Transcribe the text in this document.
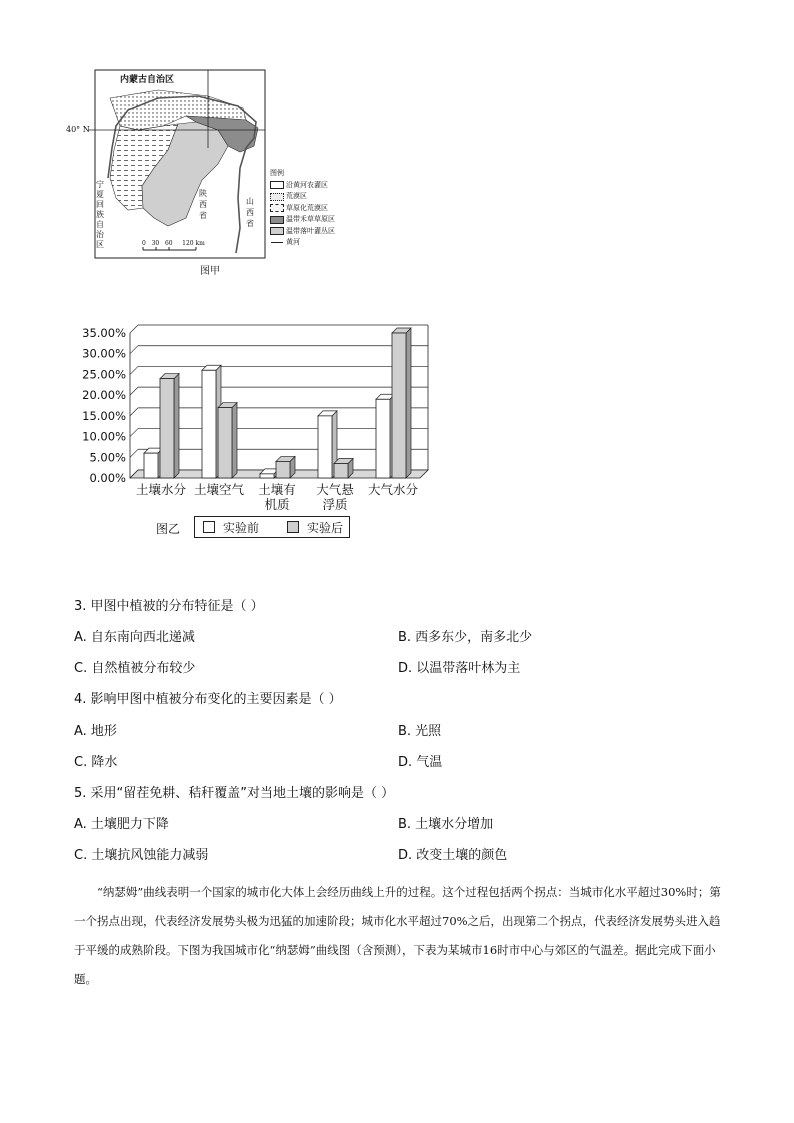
内蒙古自治区
40° N
宁
夏
回
族
自
治
区
陕
西
省
山
西
省
0 30 60 120 km
图例
沿黄河农灌区
荒漠区
草原化荒漠区
温带禾草草原区
温带落叶灌丛区
黄河
图甲
0.00%
5.00%
10.00%
15.00%
20.00%
25.00%
30.00%
35.00%
土壤水分 土壤空气 土壤有
机质
大气悬
浮质
大气水分
图乙	实验前	实验后
3. 甲图中植被的分布特征是（ ）
A. 自东南向西北递减	B. 西多东少，南多北少
C. 自然植被分布较少	D. 以温带落叶林为主
4. 影响甲图中植被分布变化的主要因素是（ ）
A. 地形	B. 光照
C. 降水	D. 气温
5. 采用“留茬免耕、秸秆覆盖”对当地土壤的影响是（ ）
A. 土壤肥力下降	B. 土壤水分增加
C. 土壤抗风蚀能力减弱	D. 改变土壤的颜色
“纳瑟姆”曲线表明一个国家的城市化大体上会经历曲线上升的过程。这个过程包括两个拐点：当城市化水平超过30%时；第一个拐点出现，代表经济发展势头极为迅猛的加速阶段；城市化水平超过70%之后，出现第二个拐点，代表经济发展势头进入趋于平缓的成熟阶段。下图为我国城市化“纳瑟姆”曲线图（含预测），下表为某城市16时市中心与郊区的气温差。据此完成下面小题。
